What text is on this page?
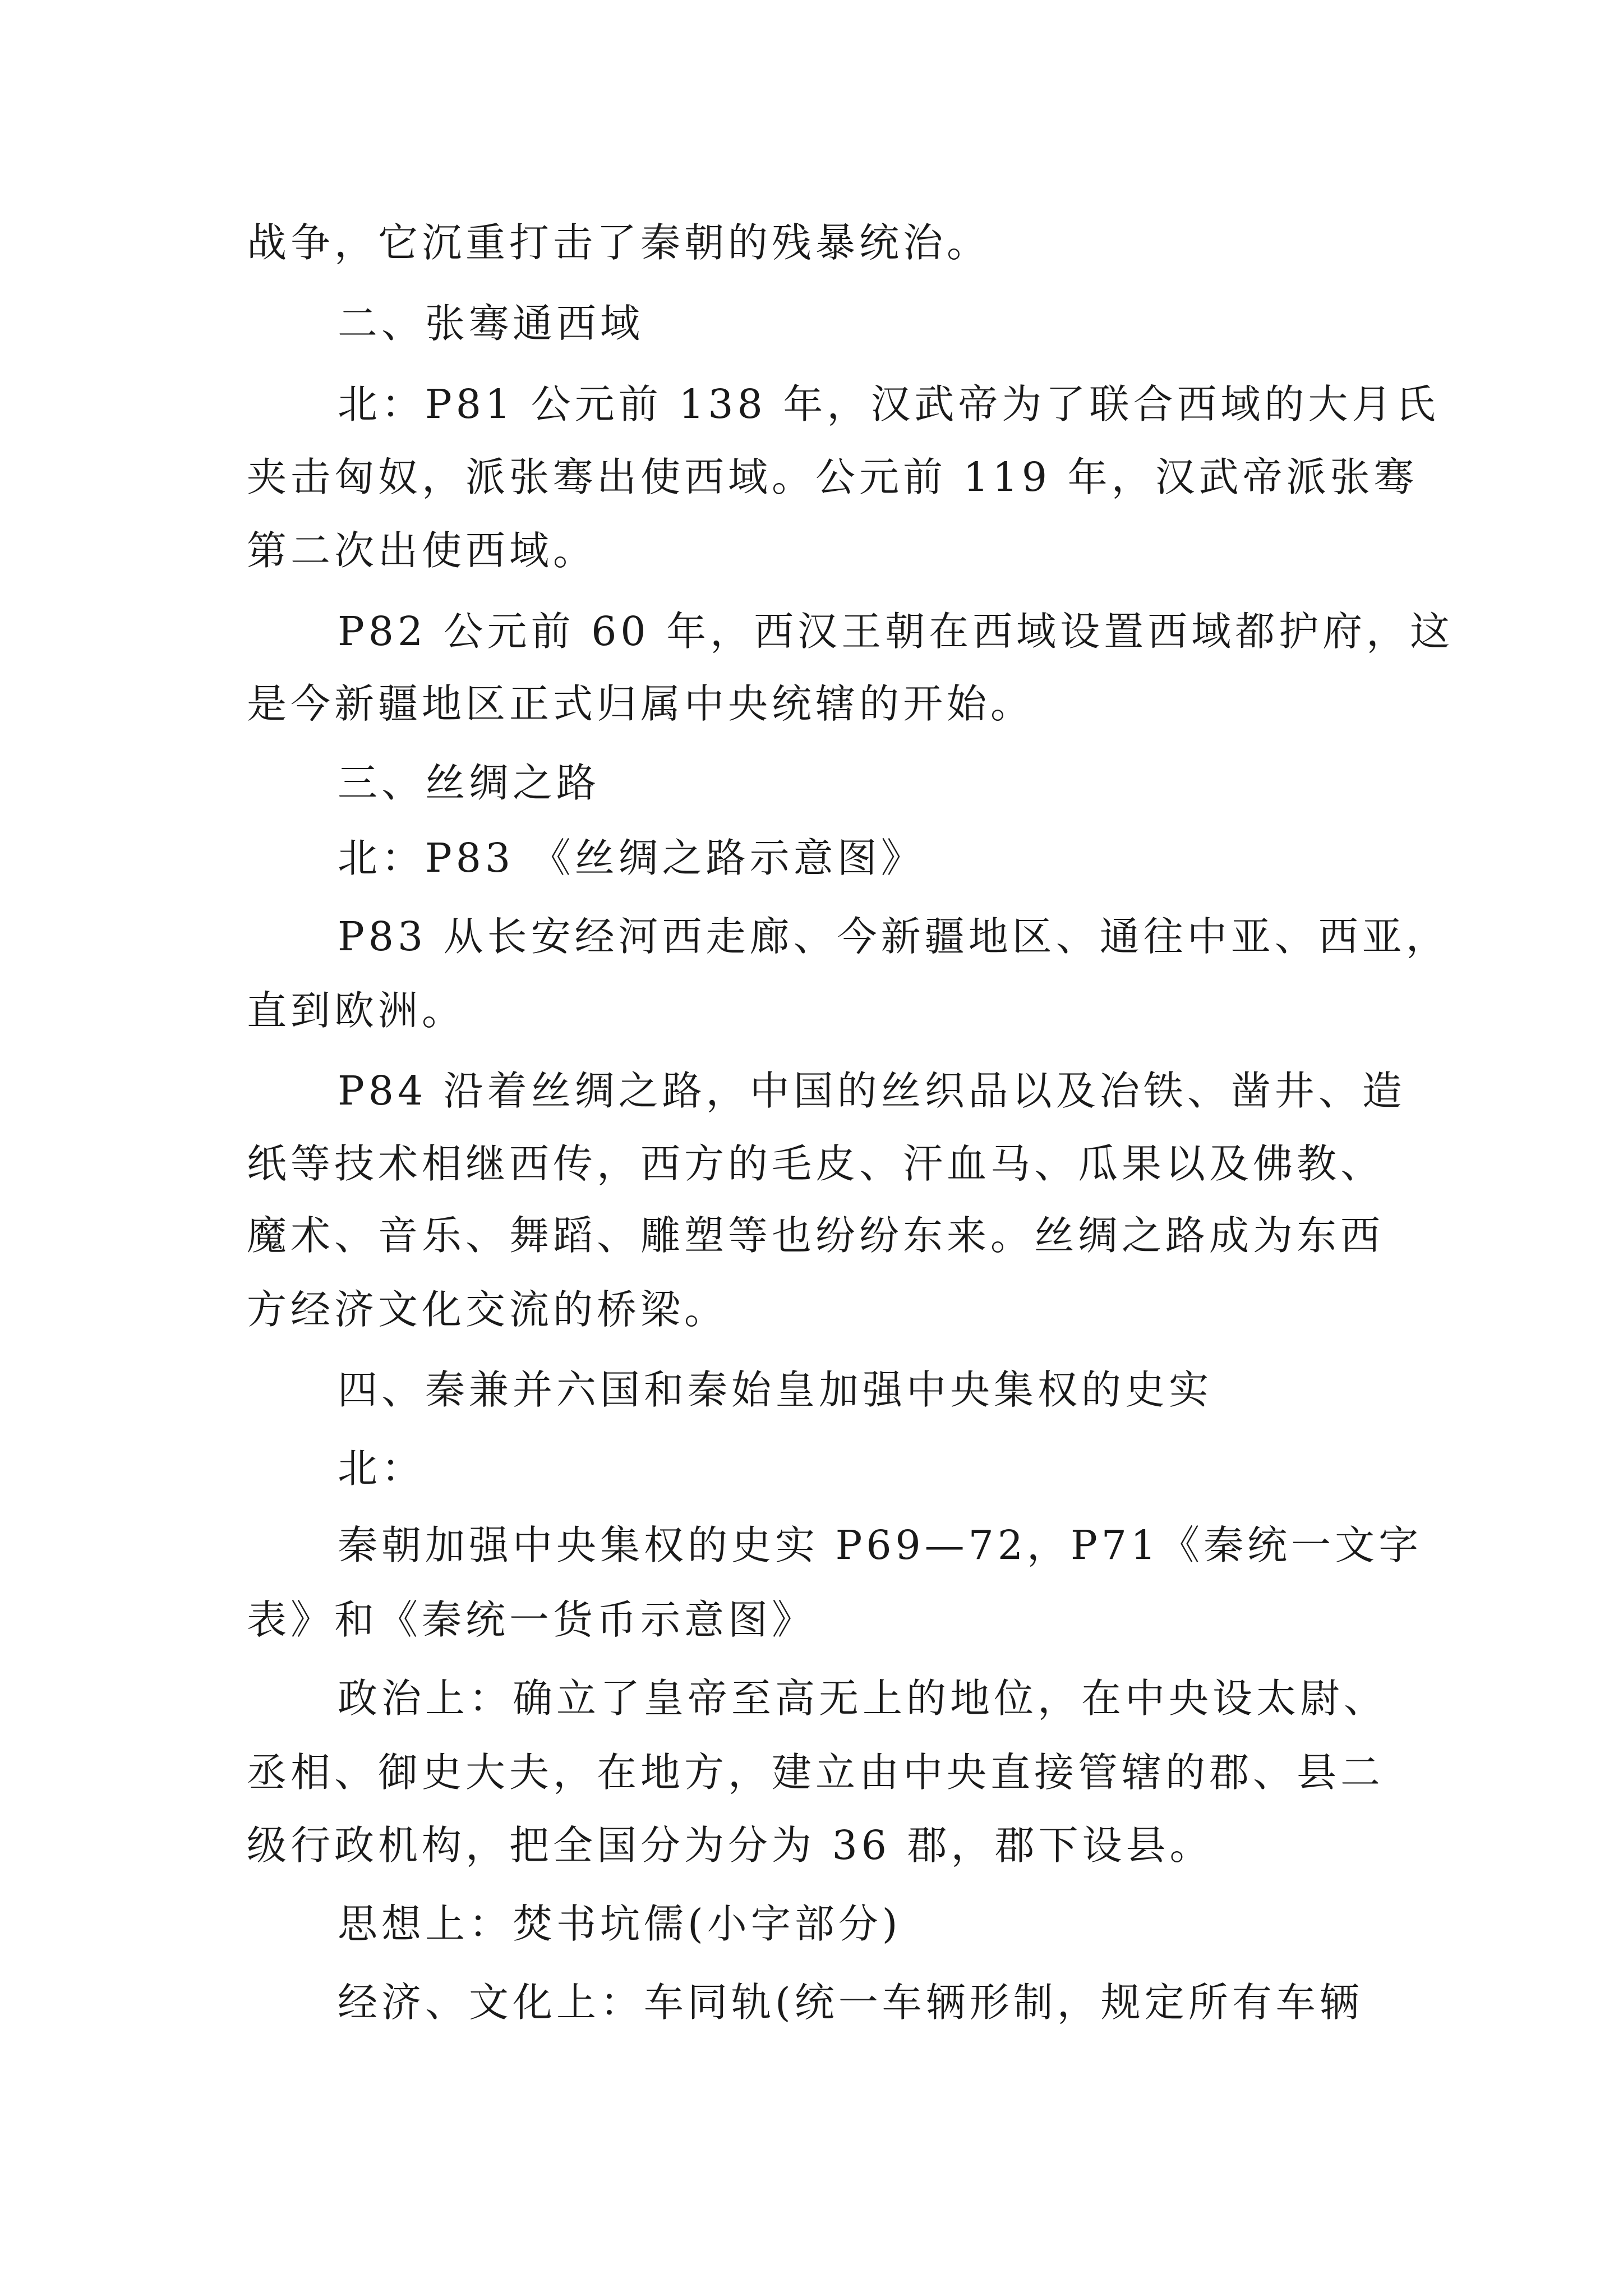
战争，它沉重打击了秦朝的残暴统治。
二、张骞通西域
北：P81 公元前 138 年，汉武帝为了联合西域的大月氏
夹击匈奴，派张骞出使西域。公元前 119 年，汉武帝派张骞
第二次出使西域。
P82 公元前 60 年，西汉王朝在西域设置西域都护府，这
是今新疆地区正式归属中央统辖的开始。
三、丝绸之路
北：P83 《丝绸之路示意图》
P83 从长安经河西走廊、今新疆地区、通往中亚、西亚，
直到欧洲。
P84 沿着丝绸之路，中国的丝织品以及冶铁、凿井、造
纸等技术相继西传，西方的毛皮、汗血马、瓜果以及佛教、
魔术、音乐、舞蹈、雕塑等也纷纷东来。丝绸之路成为东西
方经济文化交流的桥梁。
四、秦兼并六国和秦始皇加强中央集权的史实
北：
秦朝加强中央集权的史实 P69—72，P71《秦统一文字
表》和《秦统一货币示意图》
政治上：确立了皇帝至高无上的地位，在中央设太尉、
丞相、御史大夫，在地方，建立由中央直接管辖的郡、县二
级行政机构，把全国分为分为 36 郡，郡下设县。
思想上：焚书坑儒(小字部分)
经济、文化上：车同轨(统一车辆形制，规定所有车辆
